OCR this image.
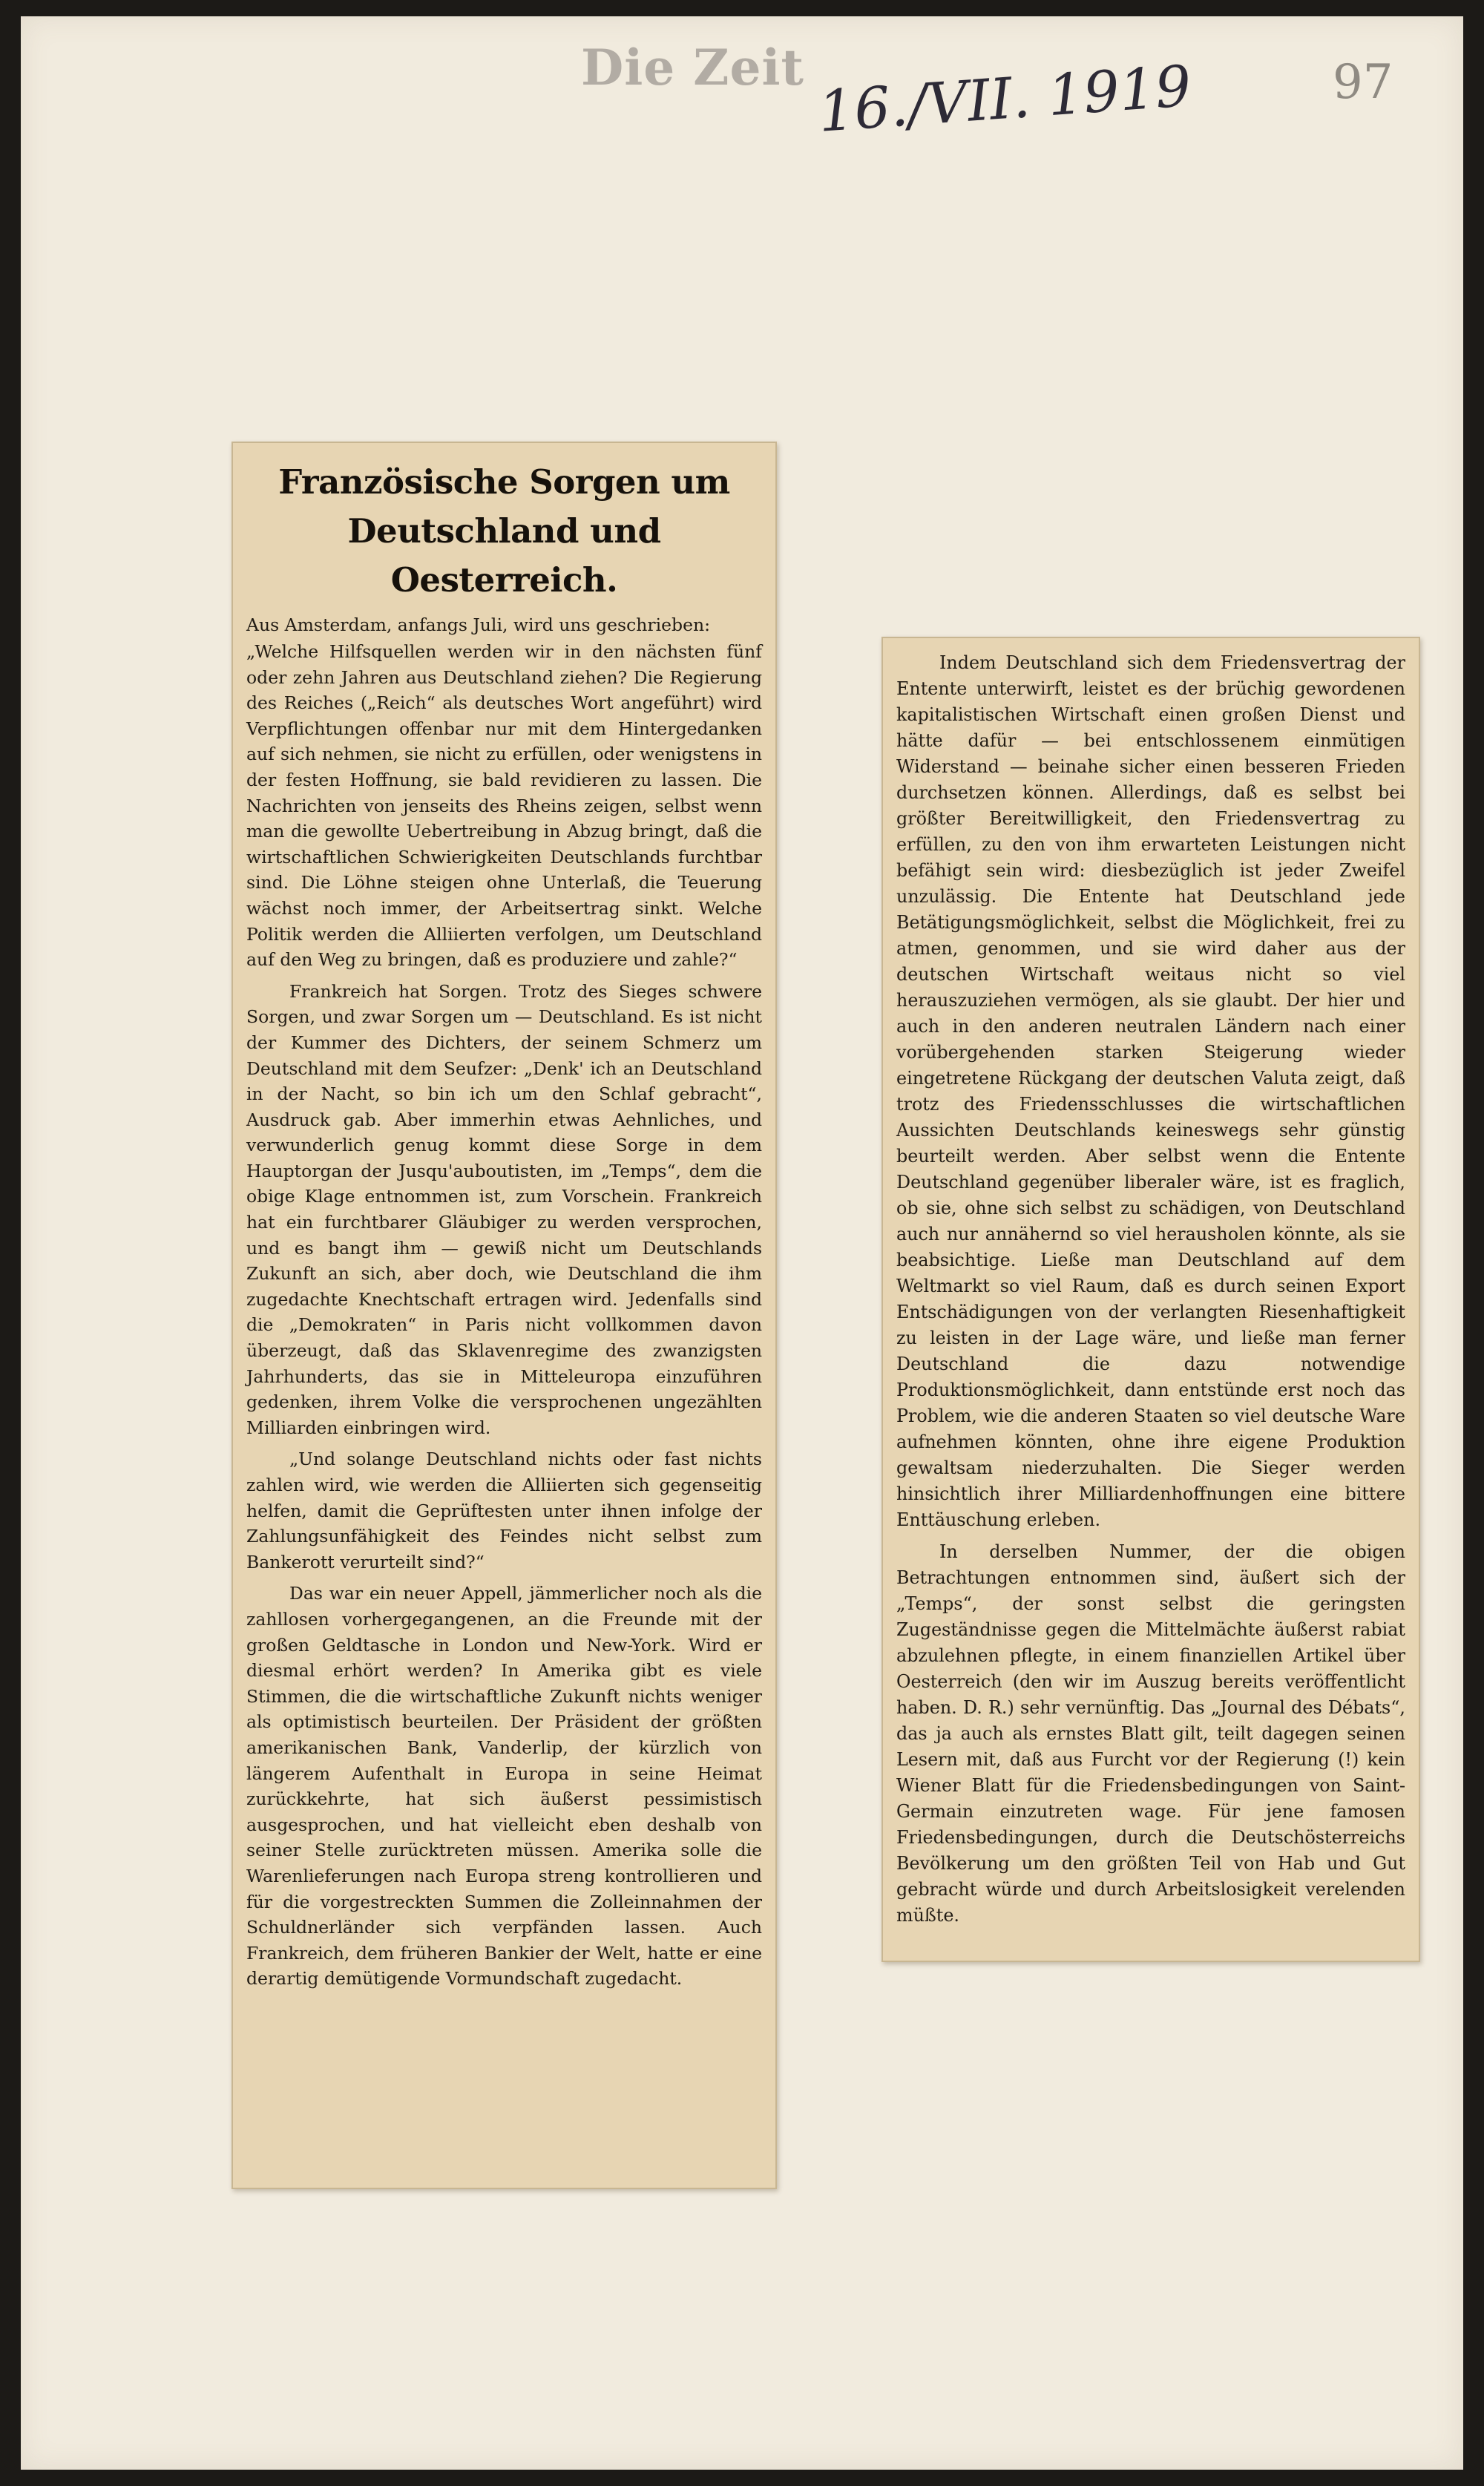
Die Zeit 16./VII. 1919	97
Französische Sorgen um Deutschland und Oesterreich.
Aus Amsterdam, anfangs Juli, wird uns geschrieben:

„Welche Hilfsquellen werden wir in den nächsten fünf oder zehn Jahren aus Deutschland ziehen? Die Regierung des Reiches („Reich“ als deutsches Wort angeführt) wird Verpflichtungen offenbar nur mit dem Hintergedanken auf sich nehmen, sie nicht zu erfüllen, oder wenigstens in der festen Hoffnung, sie bald revidieren zu lassen. Die Nachrichten von jenseits des Rheins zeigen, selbst wenn man die gewollte Uebertreibung in Abzug bringt, daß die wirtschaftlichen Schwierigkeiten Deutschlands furchtbar sind. Die Löhne steigen ohne Unterlaß, die Teuerung wächst noch immer, der Arbeitsertrag sinkt. Welche Politik werden die Alliierten verfolgen, um Deutschland auf den Weg zu bringen, daß es produziere und zahle?“

Frankreich hat Sorgen. Trotz des Sieges schwere Sorgen, und zwar Sorgen um — Deutschland. Es ist nicht der Kummer des Dichters, der seinem Schmerz um Deutschland mit dem Seufzer: „Denk' ich an Deutschland in der Nacht, so bin ich um den Schlaf gebracht“, Ausdruck gab. Aber immerhin etwas Aehnliches, und verwunderlich genug kommt diese Sorge in dem Hauptorgan der Jusqu'auboutisten, im „Temps“, dem die obige Klage entnommen ist, zum Vorschein. Frankreich hat ein furchtbarer Gläubiger zu werden versprochen, und es bangt ihm — gewiß nicht um Deutschlands Zukunft an sich, aber doch, wie Deutschland die ihm zugedachte Knechtschaft ertragen wird. Jedenfalls sind die „Demokraten“ in Paris nicht vollkommen davon überzeugt, daß das Sklavenregime des zwanzigsten Jahrhunderts, das sie in Mitteleuropa einzuführen gedenken, ihrem Volke die versprochenen ungezählten Milliarden einbringen wird.

„Und solange Deutschland nichts oder fast nichts zahlen wird, wie werden die Alliierten sich gegenseitig helfen, damit die Geprüftesten unter ihnen infolge der Zahlungsunfähigkeit des Feindes nicht selbst zum Bankerott verurteilt sind?“

Das war ein neuer Appell, jämmerlicher noch als die zahllosen vorhergegangenen, an die Freunde mit der großen Geldtasche in London und New-York. Wird er diesmal erhört werden? In Amerika gibt es viele Stimmen, die die wirtschaftliche Zukunft nichts weniger als optimistisch beurteilen. Der Präsident der größten amerikanischen Bank, Vanderlip, der kürzlich von längerem Aufenthalt in Europa in seine Heimat zurückkehrte, hat sich äußerst pessimistisch ausgesprochen, und hat vielleicht eben deshalb von seiner Stelle zurücktreten müssen. Amerika solle die Warenlieferungen nach Europa streng kontrollieren und für die vorgestreckten Summen die Zolleinnahmen der Schuldnerländer sich verpfänden lassen. Auch Frankreich, dem früheren Bankier der Welt, hatte er eine derartig demütigende Vormundschaft zugedacht.

Indem Deutschland sich dem Friedensvertrag der Entente unterwirft, leistet es der brüchig gewordenen kapitalistischen Wirtschaft einen großen Dienst und hätte dafür — bei entschlossenem einmütigen Widerstand — beinahe sicher einen besseren Frieden durchsetzen können. Allerdings, daß es selbst bei größter Bereitwilligkeit, den Friedensvertrag zu erfüllen, zu den von ihm erwarteten Leistungen nicht befähigt sein wird: diesbezüglich ist jeder Zweifel unzulässig. Die Entente hat Deutschland jede Betätigungsmöglichkeit, selbst die Möglichkeit, frei zu atmen, genommen, und sie wird daher aus der deutschen Wirtschaft weitaus nicht so viel herauszuziehen vermögen, als sie glaubt. Der hier und auch in den anderen neutralen Ländern nach einer vorübergehenden starken Steigerung wieder eingetretene Rückgang der deutschen Valuta zeigt, daß trotz des Friedensschlusses die wirtschaftlichen Aussichten Deutschlands keineswegs sehr günstig beurteilt werden. Aber selbst wenn die Entente Deutschland gegenüber liberaler wäre, ist es fraglich, ob sie, ohne sich selbst zu schädigen, von Deutschland auch nur annähernd so viel herausholen könnte, als sie beabsichtige. Ließe man Deutschland auf dem Weltmarkt so viel Raum, daß es durch seinen Export Entschädigungen von der verlangten Riesenhaftigkeit zu leisten in der Lage wäre, und ließe man ferner Deutschland die dazu notwendige Produktionsmöglichkeit, dann entstünde erst noch das Problem, wie die anderen Staaten so viel deutsche Ware aufnehmen könnten, ohne ihre eigene Produktion gewaltsam niederzuhalten. Die Sieger werden hinsichtlich ihrer Milliardenhoffnungen eine bittere Enttäuschung erleben.

In derselben Nummer, der die obigen Betrachtungen entnommen sind, äußert sich der „Temps“, der sonst selbst die geringsten Zugeständnisse gegen die Mittelmächte äußerst rabiat abzulehnen pflegte, in einem finanziellen Artikel über Oesterreich (den wir im Auszug bereits veröffentlicht haben. D. R.) sehr vernünftig. Das „Journal des Débats“, das ja auch als ernstes Blatt gilt, teilt dagegen seinen Lesern mit, daß aus Furcht vor der Regierung (!) kein Wiener Blatt für die Friedensbedingungen von Saint-Germain einzutreten wage. Für jene famosen Friedensbedingungen, durch die Deutschösterreichs Bevölkerung um den größten Teil von Hab und Gut gebracht würde und durch Arbeitslosigkeit verelenden müßte.
